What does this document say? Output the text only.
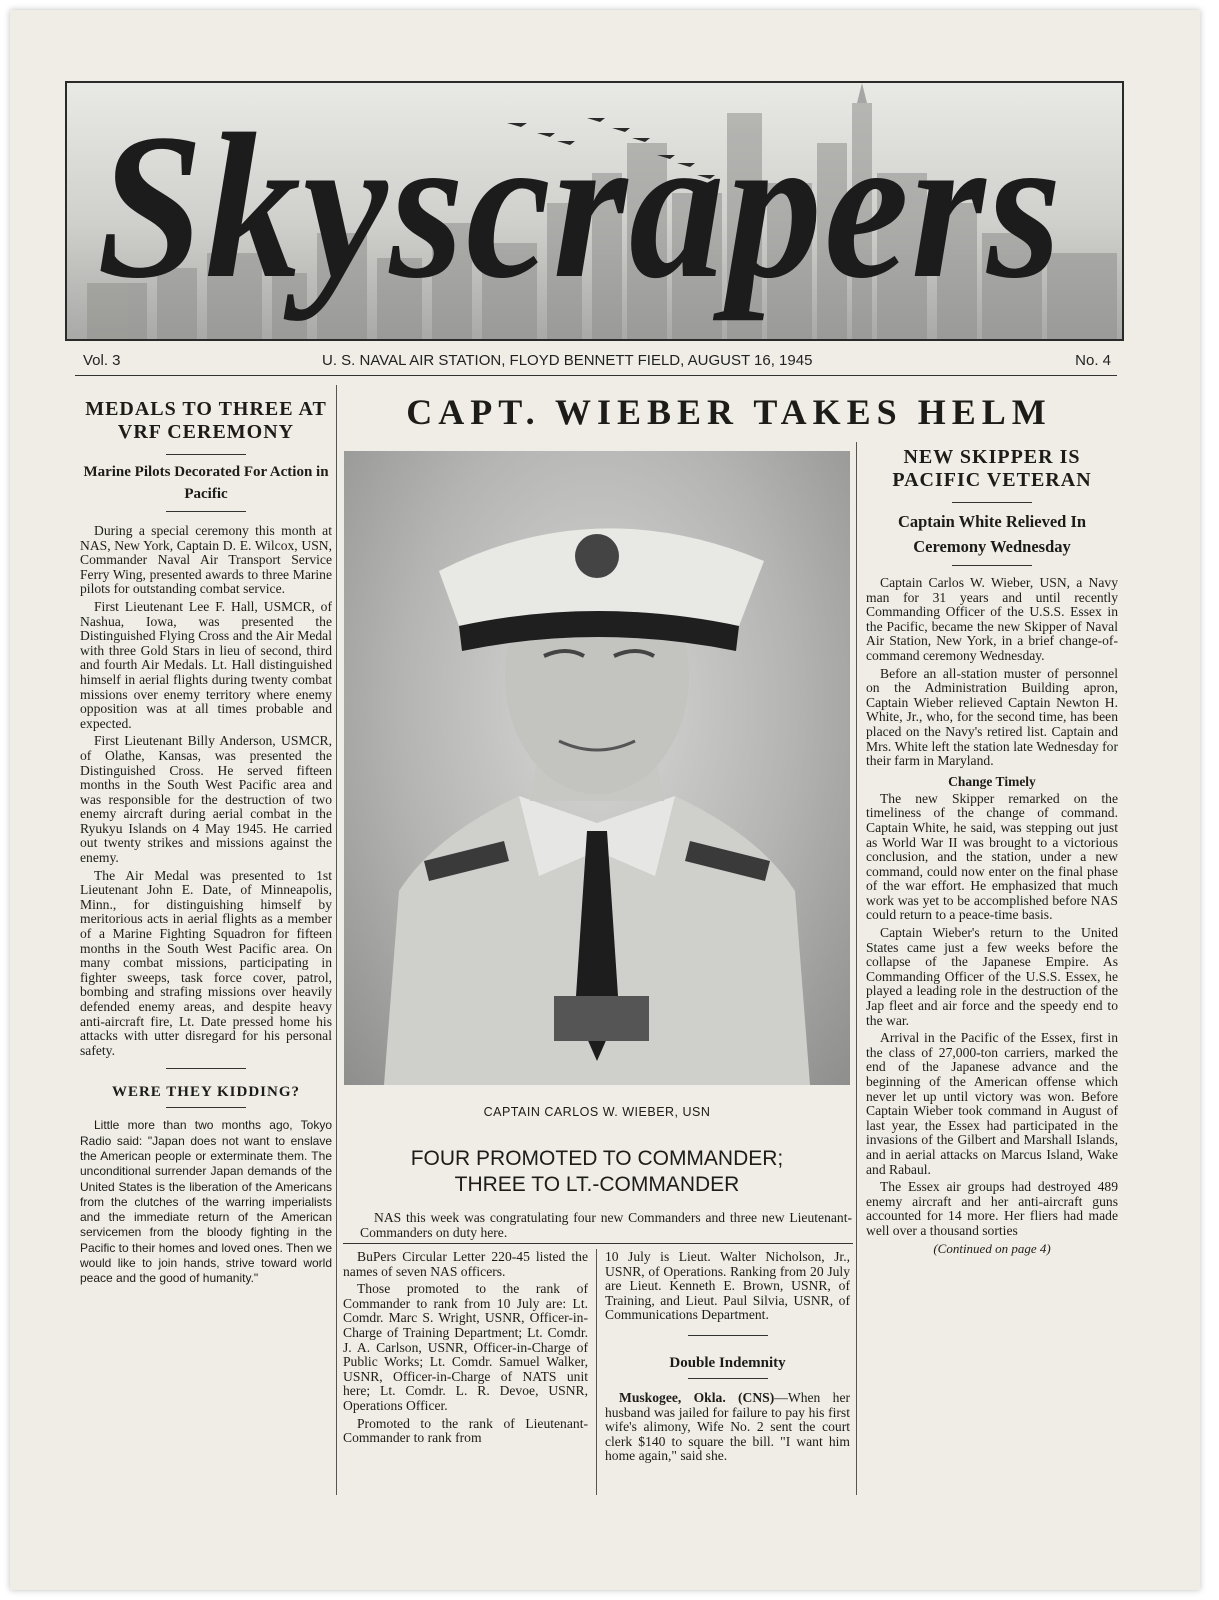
Skyscrapers
Vol. 3	U. S. NAVAL AIR STATION, FLOYD BENNETT FIELD, AUGUST 16, 1945	No. 4
MEDALS TO THREE AT VRF CEREMONY
Marine Pilots Decorated For Action in Pacific

During a special ceremony this month at NAS, New York, Captain D. E. Wilcox, USN, Commander Naval Air Transport Service Ferry Wing, presented awards to three Marine pilots for outstanding combat service.

First Lieutenant Lee F. Hall, USMCR, of Nashua, Iowa, was presented the Distinguished Flying Cross and the Air Medal with three Gold Stars in lieu of second, third and fourth Air Medals. Lt. Hall distinguished himself in aerial flights during twenty combat missions over enemy territory where enemy opposition was at all times probable and expected.

First Lieutenant Billy Anderson, USMCR, of Olathe, Kansas, was presented the Distinguished Cross. He served fifteen months in the South West Pacific area and was responsible for the destruction of two enemy aircraft during aerial combat in the Ryukyu Islands on 4 May 1945. He carried out twenty strikes and missions against the enemy.

The Air Medal was presented to 1st Lieutenant John E. Date, of Minneapolis, Minn., for distinguishing himself by meritorious acts in aerial flights as a member of a Marine Fighting Squadron for fifteen months in the South West Pacific area. On many combat missions, participating in fighter sweeps, task force cover, patrol, bombing and strafing missions over heavily defended enemy areas, and despite heavy anti-aircraft fire, Lt. Date pressed home his attacks with utter disregard for his personal safety.

WERE THEY KIDDING?

Little more than two months ago, Tokyo Radio said: "Japan does not want to enslave the American people or exterminate them. The unconditional surrender Japan demands of the United States is the liberation of the Americans from the clutches of the warring imperialists and the immediate return of the American servicemen from the bloody fighting in the Pacific to their homes and loved ones. Then we would like to join hands, strive toward world peace and the good of humanity."

CAPT. WIEBER TAKES HELM
CAPTAIN CARLOS W. WIEBER, USN
FOUR PROMOTED TO COMMANDER;
THREE TO LT.-COMMANDER

NAS this week was congratulating four new Commanders and three new Lieutenant-Commanders on duty here.

BuPers Circular Letter 220-45 listed the names of seven NAS officers.

Those promoted to the rank of Commander to rank from 10 July are: Lt. Comdr. Marc S. Wright, USNR, Officer-in-Charge of Training Department; Lt. Comdr. J. A. Carlson, USNR, Officer-in-Charge of Public Works; Lt. Comdr. Samuel Walker, USNR, Officer-in-Charge of NATS unit here; Lt. Comdr. L. R. Devoe, USNR, Operations Officer.

Promoted to the rank of Lieutenant-Commander to rank from

10 July is Lieut. Walter Nicholson, Jr., USNR, of Operations. Ranking from 20 July are Lieut. Kenneth E. Brown, USNR, of Training, and Lieut. Paul Silvia, USNR, of Communications Department.

Double Indemnity

Muskogee, Okla. (CNS)—When her husband was jailed for failure to pay his first wife's alimony, Wife No. 2 sent the court clerk $140 to square the bill. "I want him home again," said she.

NEW SKIPPER IS PACIFIC VETERAN
Captain White Relieved In Ceremony Wednesday

Captain Carlos W. Wieber, USN, a Navy man for 31 years and until recently Commanding Officer of the U.S.S. Essex in the Pacific, became the new Skipper of Naval Air Station, New York, in a brief change-of-command ceremony Wednesday.

Before an all-station muster of personnel on the Administration Building apron, Captain Wieber relieved Captain Newton H. White, Jr., who, for the second time, has been placed on the Navy's retired list. Captain and Mrs. White left the station late Wednesday for their farm in Maryland.

Change Timely

The new Skipper remarked on the timeliness of the change of command. Captain White, he said, was stepping out just as World War II was brought to a victorious conclusion, and the station, under a new command, could now enter on the final phase of the war effort. He emphasized that much work was yet to be accomplished before NAS could return to a peace-time basis.

Captain Wieber's return to the United States came just a few weeks before the collapse of the Japanese Empire. As Commanding Officer of the U.S.S. Essex, he played a leading role in the destruction of the Jap fleet and air force and the speedy end to the war.

Arrival in the Pacific of the Essex, first in the class of 27,000-ton carriers, marked the end of the Japanese advance and the beginning of the American offense which never let up until victory was won. Before Captain Wieber took command in August of last year, the Essex had participated in the invasions of the Gilbert and Marshall Islands, and in aerial attacks on Marcus Island, Wake and Rabaul.

The Essex air groups had destroyed 489 enemy aircraft and her anti-aircraft guns accounted for 14 more. Her fliers had made well over a thousand sorties

(Continued on page 4)
